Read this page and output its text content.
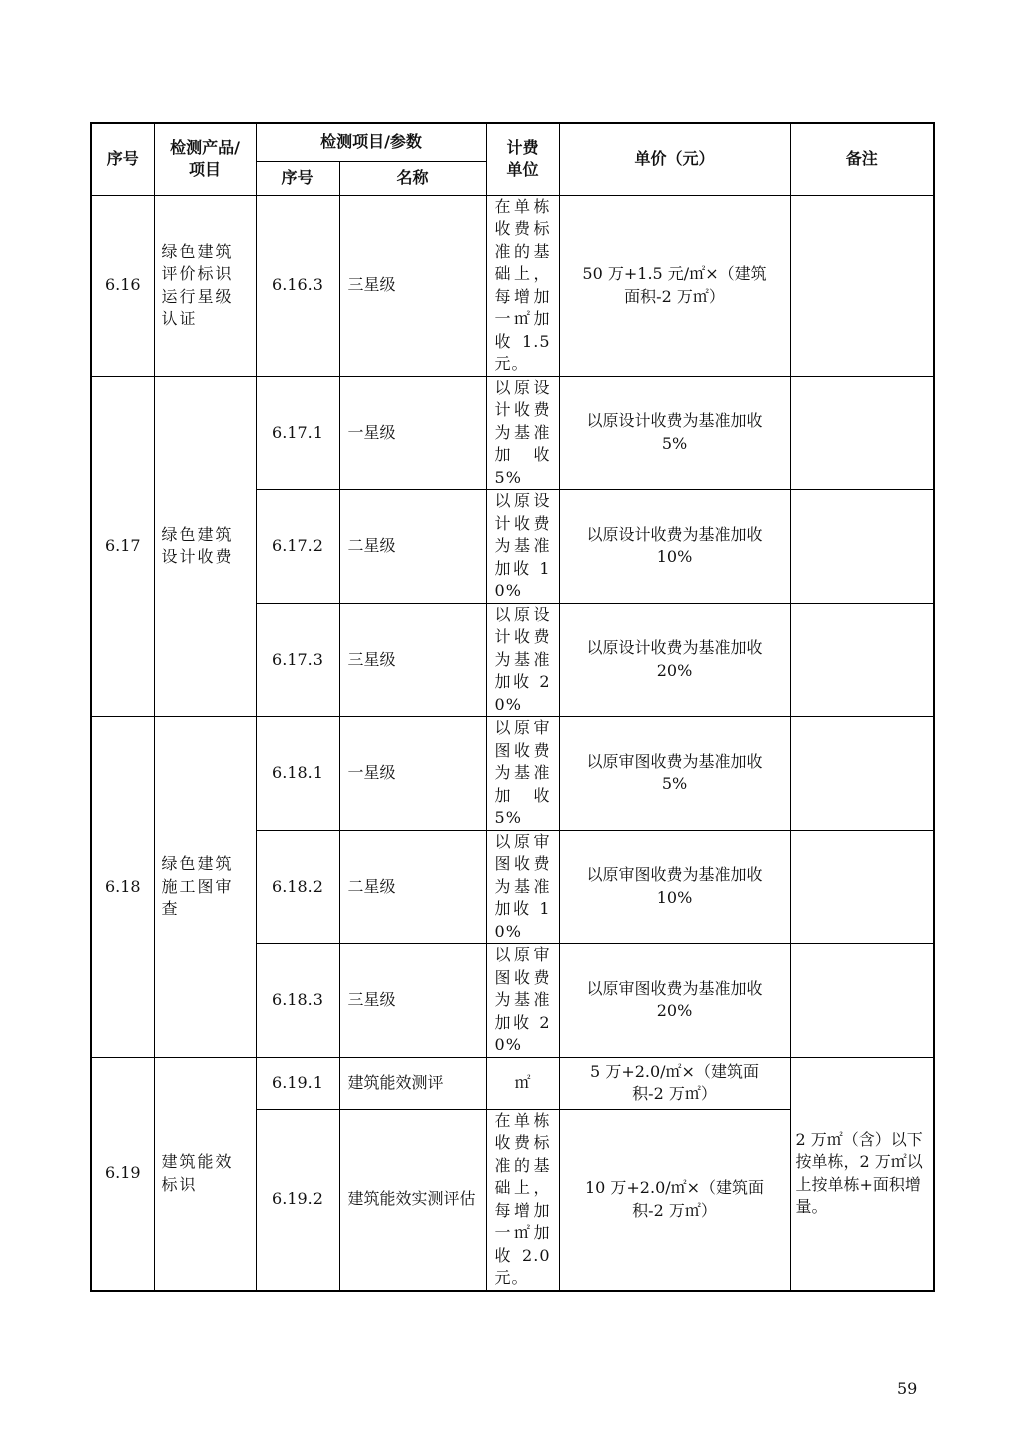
序号	检测产品/项目	检测项目/参数		计费单位	单价（元）	备注
		序号	名称			
6.16	绿色建筑评价标识运行星级认证	6.16.3	三星级	在单栋收费标准的基础上，每增加一㎡加收 1.5 元。	50 万+1.5 元/㎡×（建筑面积-2 万㎡）	
6.17	绿色建筑设计收费	6.17.1	一星级	以原设计收费为基准加收 5%	以原设计收费为基准加收 5%	
		6.17.2	二星级	以原设计收费为基准加收 10%	以原设计收费为基准加收 10%	
		6.17.3	三星级	以原设计收费为基准加收 20%	以原设计收费为基准加收 20%	
6.18	绿色建筑施工图审查	6.18.1	一星级	以原审图收费为基准加收 5%	以原审图收费为基准加收 5%	
		6.18.2	二星级	以原审图收费为基准加收 10%	以原审图收费为基准加收 10%	
		6.18.3	三星级	以原审图收费为基准加收 20%	以原审图收费为基准加收 20%	
6.19	建筑能效标识	6.19.1	建筑能效测评	㎡	5 万+2.0/㎡×（建筑面积-2 万㎡）	2 万㎡（含）以下按单栋，2 万㎡以上按单栋+面积增量。
		6.19.2	建筑能效实测评估	在单栋收费标准的基础上，每增加一㎡加收 2.0 元。	10 万+2.0/㎡×（建筑面积-2 万㎡）	
59
